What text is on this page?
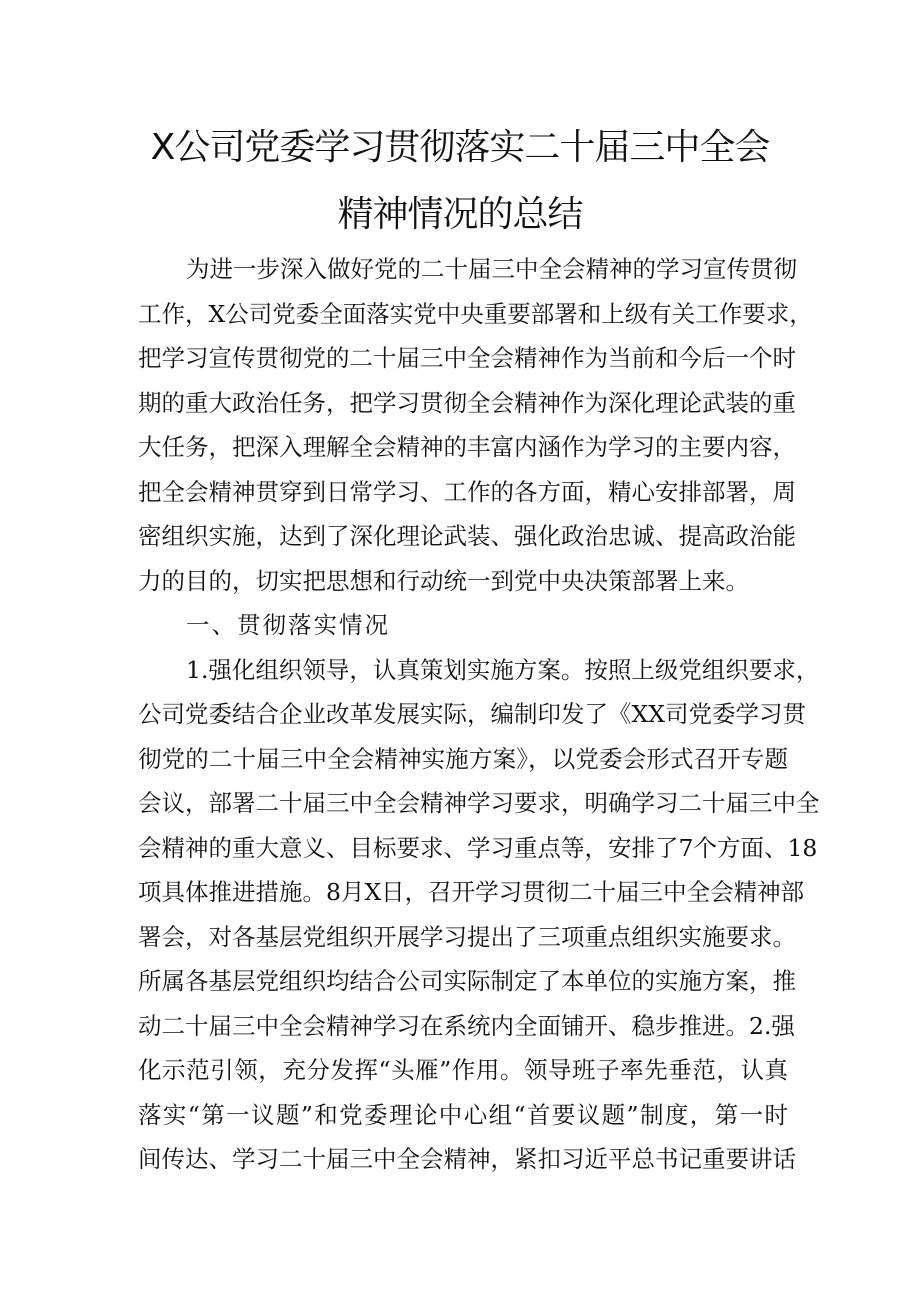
X公司党委学习贯彻落实二十届三中全会
精神情况的总结
为进一步深入做好党的二十届三中全会精神的学习宣传贯彻
工作，X公司党委全面落实党中央重要部署和上级有关工作要求，
把学习宣传贯彻党的二十届三中全会精神作为当前和今后一个时
期的重大政治任务，把学习贯彻全会精神作为深化理论武装的重
大任务，把深入理解全会精神的丰富内涵作为学习的主要内容，
把全会精神贯穿到日常学习、工作的各方面，精心安排部署，周
密组织实施，达到了深化理论武装、强化政治忠诚、提高政治能
力的目的，切实把思想和行动统一到党中央决策部署上来。
一、贯彻落实情况
1.强化组织领导，认真策划实施方案。按照上级党组织要求，
公司党委结合企业改革发展实际，编制印发了《XX司党委学习贯
彻党的二十届三中全会精神实施方案》，以党委会形式召开专题
会议，部署二十届三中全会精神学习要求，明确学习二十届三中全
会精神的重大意义、目标要求、学习重点等，安排了7个方面、18
项具体推进措施。8月X日，召开学习贯彻二十届三中全会精神部
署会，对各基层党组织开展学习提出了三项重点组织实施要求。
所属各基层党组织均结合公司实际制定了本单位的实施方案，推
动二十届三中全会精神学习在系统内全面铺开、稳步推进。2.强
化示范引领，充分发挥“头雁”作用。领导班子率先垂范，认真
落实“第一议题”和党委理论中心组“首要议题”制度，第一时
间传达、学习二十届三中全会精神，紧扣习近平总书记重要讲话
